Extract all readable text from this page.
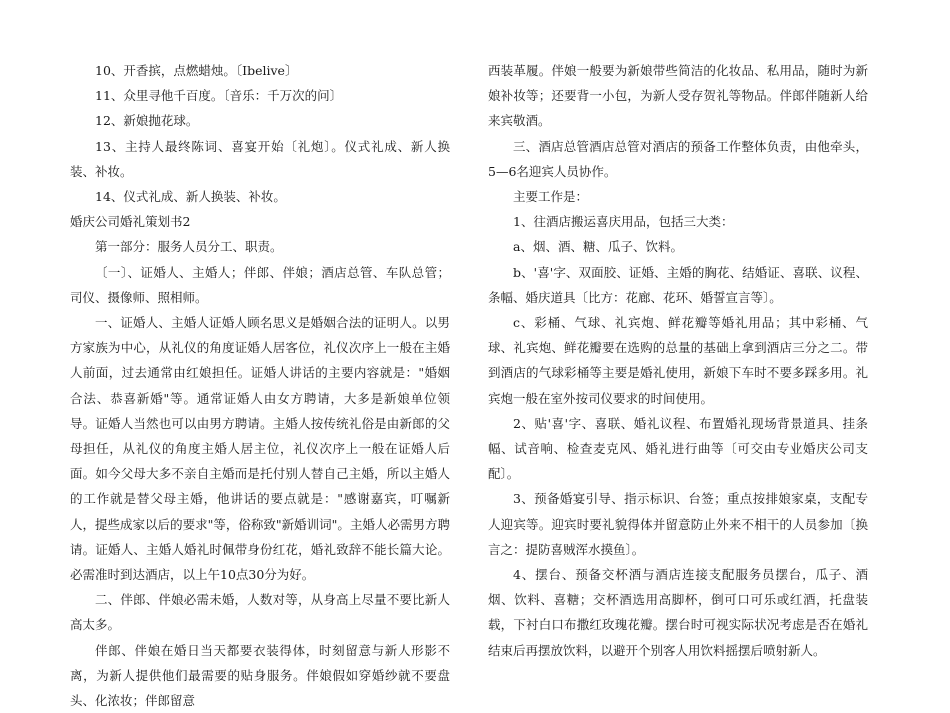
10、开香摈，点燃蜡烛。〔Ibelive〕

11、众里寻他千百度。〔音乐：千万次的问〕

12、新娘抛花球。

13、主持人最终陈词、喜宴开始〔礼炮〕。仪式礼成、新人换装、补妆。

14、仪式礼成、新人换装、补妆。

婚庆公司婚礼策划书2

第一部分：服务人员分工、职责。

〔一〕、证婚人、主婚人；伴郎、伴娘；酒店总管、车队总管；司仪、摄像师、照相师。

一、证婚人、主婚人证婚人顾名思义是婚姻合法的证明人。以男方家族为中心，从礼仪的角度证婚人居客位，礼仪次序上一般在主婚人前面，过去通常由红娘担任。证婚人讲话的主要内容就是："婚姻合法、恭喜新婚"等。通常证婚人由女方聘请，大多是新娘单位领导。证婚人当然也可以由男方聘请。主婚人按传统礼俗是由新郎的父母担任，从礼仪的角度主婚人居主位，礼仪次序上一般在证婚人后面。如今父母大多不亲自主婚而是托付别人替自己主婚，所以主婚人的工作就是替父母主婚，他讲话的要点就是："感谢嘉宾，叮嘱新人，提些成家以后的要求"等，俗称致"新婚训词"。主婚人必需男方聘请。证婚人、主婚人婚礼时佩带身份红花，婚礼致辞不能长篇大论。必需准时到达酒店，以上午10点30分为好。

二、伴郎、伴娘必需未婚，人数对等，从身高上尽量不要比新人高太多。

伴郎、伴娘在婚日当天都要衣装得体，时刻留意与新人形影不离，为新人提供他们最需要的贴身服务。伴娘假如穿婚纱就不要盘头、化浓妆；伴郎留意

西装革履。伴娘一般要为新娘带些简洁的化妆品、私用品，随时为新娘补妆等；还要背一小包，为新人受存贺礼等物品。伴郎伴随新人给来宾敬酒。

三、酒店总管酒店总管对酒店的预备工作整体负责，由他牵头，5—6名迎宾人员协作。

主要工作是：

1、往酒店搬运喜庆用品，包括三大类：

a、烟、酒、糖、瓜子、饮料。

b、'喜'字、双面胶、证婚、主婚的胸花、结婚证、喜联、议程、条幅、婚庆道具〔比方：花廊、花环、婚誓宣言等〕。

c、彩桶、气球、礼宾炮、鲜花瓣等婚礼用品；其中彩桶、气球、礼宾炮、鲜花瓣要在选购的总量的基础上拿到酒店三分之二。带到酒店的气球彩桶等主要是婚礼使用，新娘下车时不要多踩多用。礼宾炮一般在室外按司仪要求的时间使用。

2、贴'喜'字、喜联、婚礼议程、布置婚礼现场背景道具、挂条幅、试音响、检查麦克风、婚礼进行曲等〔可交由专业婚庆公司支配〕。

3、预备婚宴引导、指示标识、台签；重点按排娘家桌，支配专人迎宾等。迎宾时要礼貌得体并留意防止外来不相干的人员参加〔换言之：提防喜贼浑水摸鱼〕。

4、摆台、预备交杯酒与酒店连接支配服务员摆台，瓜子、酒烟、饮料、喜糖；交杯酒选用高脚杯，倒可口可乐或红酒，托盘装载，下衬白口布撒红玫瑰花瓣。摆台时可视实际状况考虑是否在婚礼结束后再摆放饮料，以避开个别客人用饮料摇摆后喷射新人。
